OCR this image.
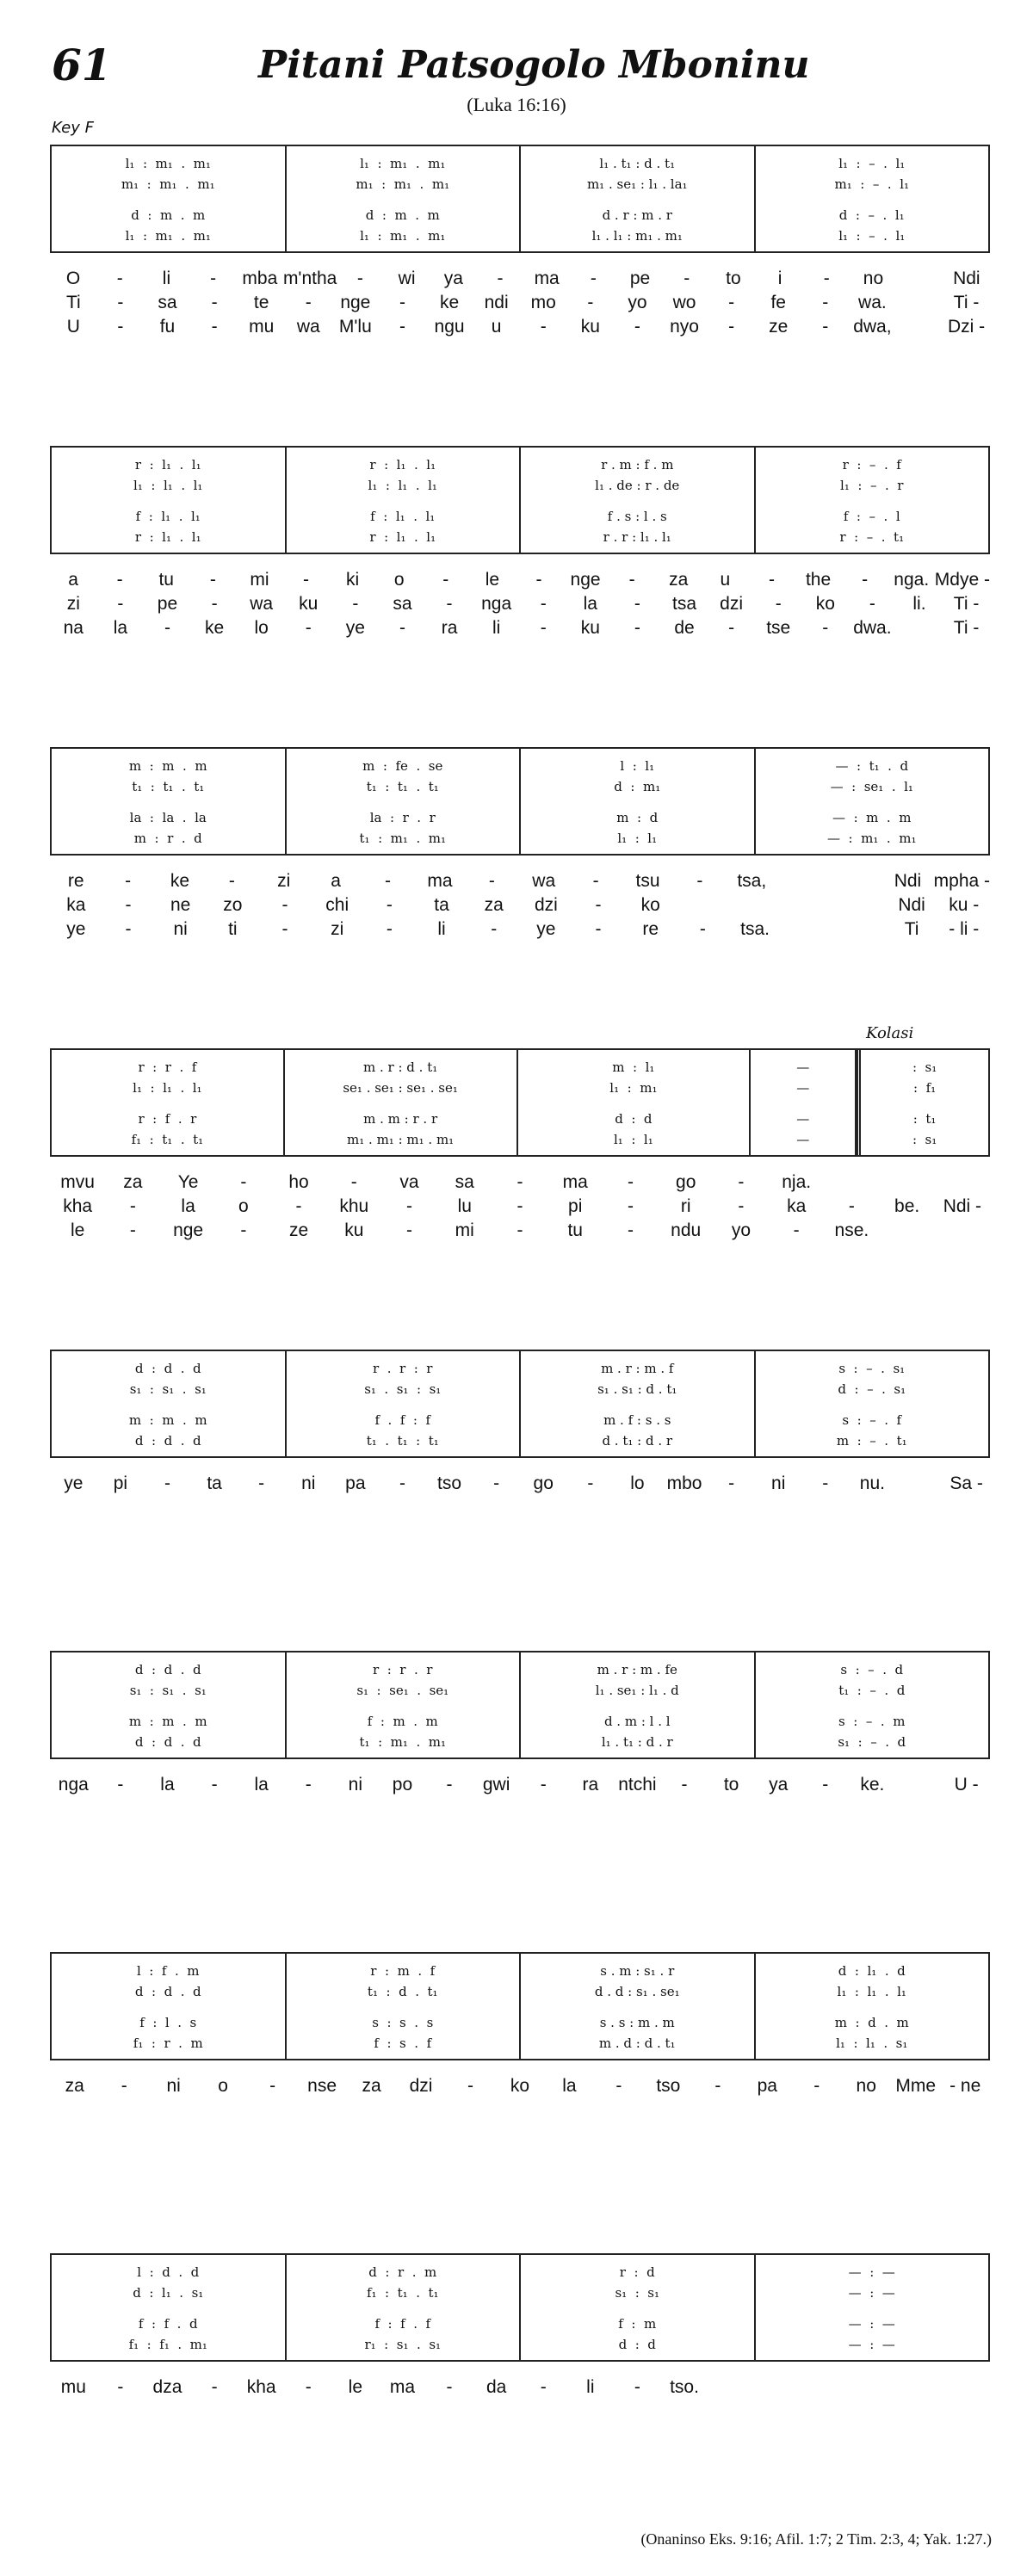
61	Pitani Patsogolo Mboninu
(Luka 16:16)
Key F
l₁  :  m₁  .  m₁
m₁  :  m₁  .  m₁
d  :  m  .  m
l₁  :  m₁  .  m₁
l₁  :  m₁  .  m₁
m₁  :  m₁  .  m₁
d  :  m  .  m
l₁  :  m₁  .  m₁
l₁ . t₁ : d . t₁
m₁ . se₁ : l₁ . la₁
d . r : m . r
l₁ . l₁ : m₁ . m₁
l₁  :  –  .  l₁
m₁  :  –  .  l₁
d  :  –  .  l₁
l₁  :  –  .  l₁
O	-	li	-	mba m'ntha	-	wi	ya	-	ma	-	pe	-	to	i	-	no	Ndi
Ti	-	sa	-	te	-	nge	-	ke	ndi	mo	-	yo	wo	-	fe	-	wa.	Ti -
U	-	fu	-	mu	wa	M'lu	-	ngu	u	-	ku	-	nyo	-	ze	-	dwa,	Dzi -
r  :  l₁  .  l₁
l₁  :  l₁  .  l₁
f  :  l₁  .  l₁
r  :  l₁  .  l₁
r  :  l₁  .  l₁
l₁  :  l₁  .  l₁
f  :  l₁  .  l₁
r  :  l₁  .  l₁
r . m : f . m
l₁ . de : r . de
f . s : l . s
r . r : l₁ . l₁
r  :  –  .  f
l₁  :  –  .  r
f  :  –  .  l
r  :  –  .  t₁
a	-	tu	-	mi	-	ki	o	-	le	-	nge	-	za	u	-	the	-	nga. Mdye -
zi	-	pe	-	wa	ku	-	sa	-	nga	-	la	-	tsa	dzi	-	ko	-	li.	Ti -
na	la	-	ke	lo	-	ye	-	ra	li	-	ku	-	de	-	tse	-	dwa.	Ti -
m  :  m  .  m
t₁  :  t₁  .  t₁
la  :  la  .  la
m  :  r  .  d
m  :  fe  .  se
t₁  :  t₁  .  t₁
la  :  r  .  r
t₁  :  m₁  .  m₁
l  :  l₁
d  :  m₁
m  :  d
l₁  :  l₁
—  :  t₁  .  d
—  :  se₁  .  l₁
—  :  m  .  m
—  :  m₁  .  m₁
re	-	ke	-	zi	a	-	ma	-	wa	-	tsu	-	tsa,	Ndi mpha -
ka	-	ne	zo	-	chi	-	ta	za	dzi	-	ko	Ndi	ku -
ye	-	ni	ti	-	zi	-	li	-	ye	-	re	-	tsa.	Ti	- li -
r  :  r  .  f
l₁  :  l₁  .  l₁
r  :  f  .  r
f₁  :  t₁  .  t₁
m . r : d . t₁
se₁ . se₁ : se₁ . se₁
m . m : r . r
m₁ . m₁ : m₁ . m₁
m  :  l₁
l₁  :  m₁
d  :  d
l₁  :  l₁
—
—
—
—
:  s₁
:  f₁
:  t₁
:  s₁
mvu	za	Ye	-	ho	-	va	sa	-	ma	-	go	-	nja.
kha	-	la	o	-	khu	-	lu	-	pi	-	ri	-	ka	-	be.	Ndi -
le	-	nge	-	ze	ku	-	mi	-	tu	-	ndu	yo	-	nse.
d  :  d  .  d
s₁  :  s₁  .  s₁
m  :  m  .  m
d  :  d  .  d
r  .  r  :  r
s₁  .  s₁  :  s₁
f  .  f  :  f
t₁  .  t₁  :  t₁
m . r : m . f
s₁ . s₁ : d . t₁
m . f : s . s
d . t₁ : d . r
s  :  –  .  s₁
d  :  –  .  s₁
s  :  –  .  f
m  :  –  .  t₁
ye	pi	-	ta	-	ni	pa	-	tso	-	go	-	lo	mbo	-	ni	-	nu.	Sa -
d  :  d  .  d
s₁  :  s₁  .  s₁
m  :  m  .  m
d  :  d  .  d
r  :  r  .  r
s₁  :  se₁  .  se₁
f  :  m  .  m
t₁  :  m₁  .  m₁
m . r : m . fe
l₁ . se₁ : l₁ . d
d . m : l . l
l₁ . t₁ : d . r
s  :  –  .  d
t₁  :  –  .  d
s  :  –  .  m
s₁  :  –  .  d
nga	-	la	-	la	-	ni	po	-	gwi	-	ra	ntchi	-	to	ya	-	ke.	U -
l  :  f  .  m
d  :  d  .  d
f  :  l  .  s
f₁  :  r  .  m
r  :  m  .  f
t₁  :  d  .  t₁
s  :  s  .  s
f  :  s  .  f
s . m : s₁ . r
d . d : s₁ . se₁
s . s : m . m
m . d : d . t₁
d  :  l₁  .  d
l₁  :  l₁  .  l₁
m  :  d  .  m
l₁  :  l₁  .  s₁
za	-	ni	o	-	nse	za	dzi	-	ko	la	-	tso	-	pa	-	no	Mme - ne
l  :  d  .  d
d  :  l₁  .  s₁
f  :  f  .  d
f₁  :  f₁  .  m₁
d  :  r  .  m
f₁  :  t₁  .  t₁
f  :  f  .  f
r₁  :  s₁  .  s₁
r  :  d
s₁  :  s₁
f  :  m
d  :  d
—  :  —
—  :  —
—  :  —
—  :  —
mu	-	dza	-	kha	-	le	ma	-	da	-	li	-	tso.
Kolasi
(Onaninso Eks. 9:16; Afil. 1:7; 2 Tim. 2:3, 4; Yak. 1:27.)
